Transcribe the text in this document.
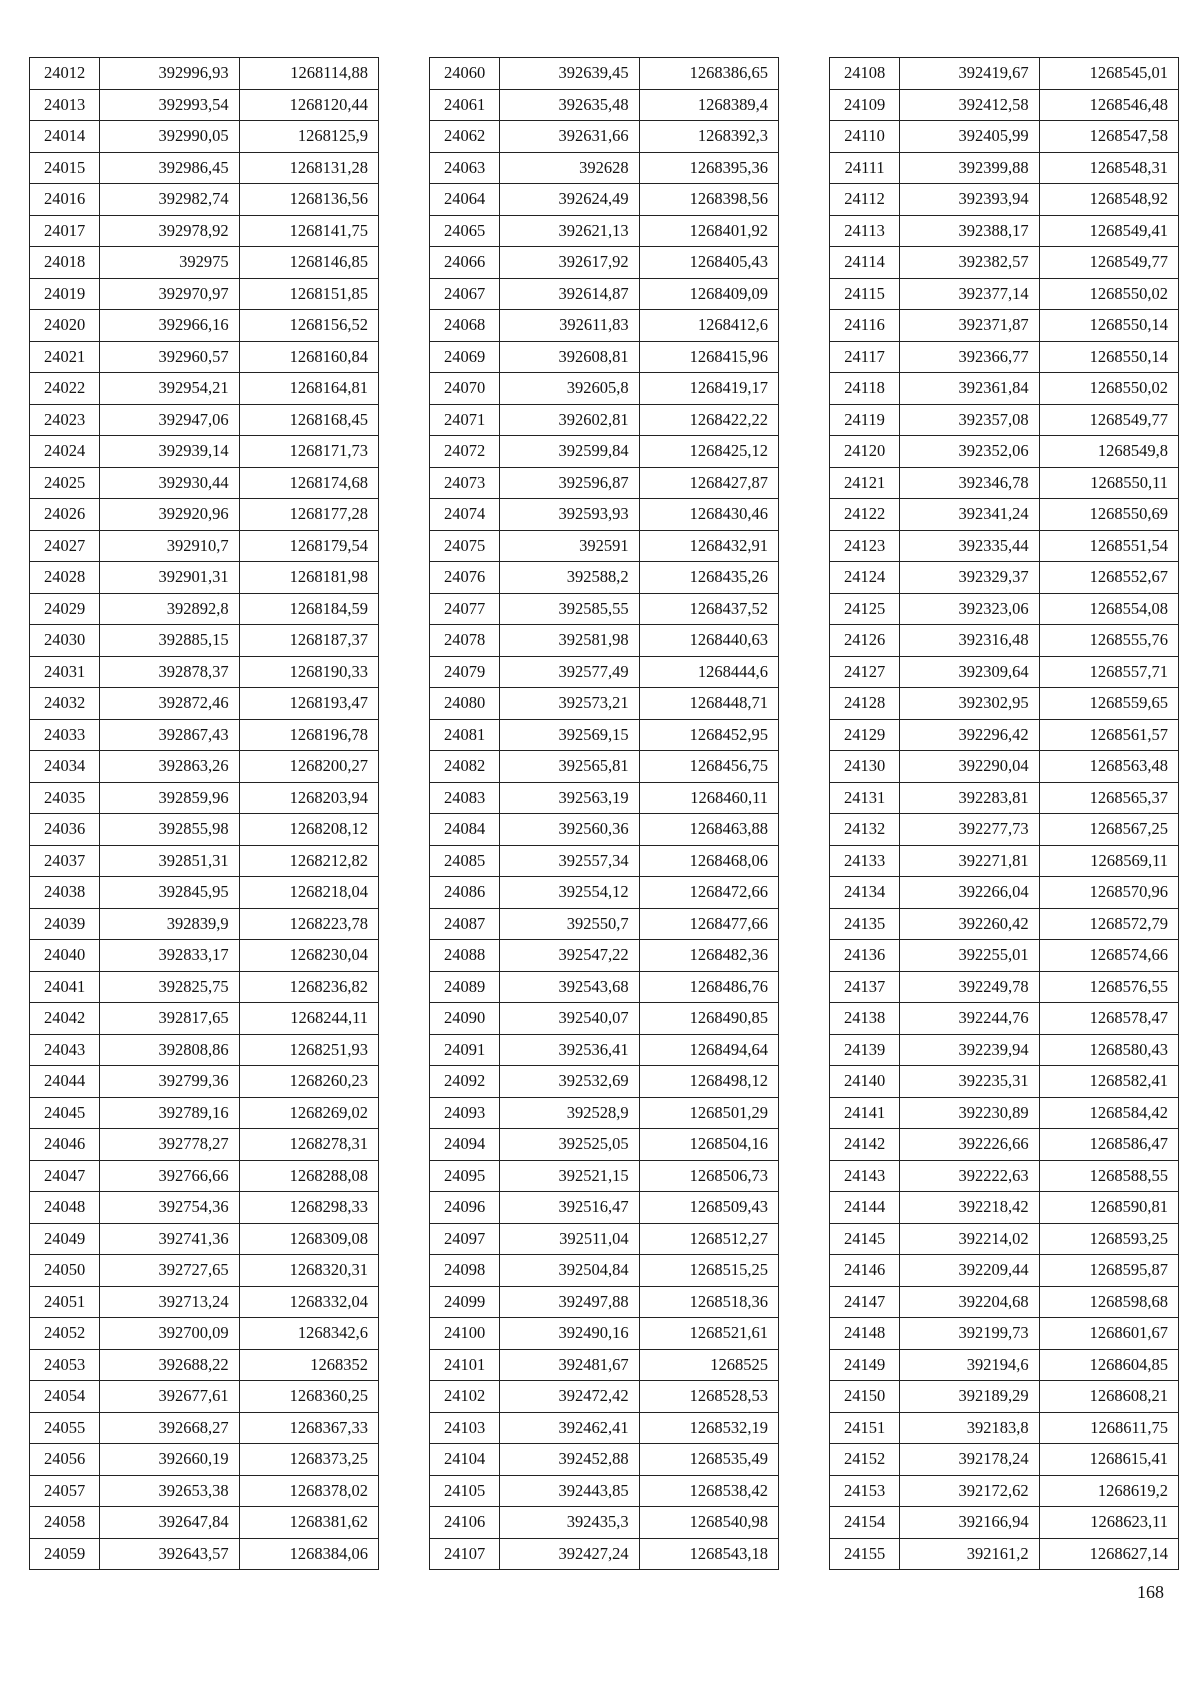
24012	392996,93	1268114,88
24013	392993,54	1268120,44
24014	392990,05	1268125,9
24015	392986,45	1268131,28
24016	392982,74	1268136,56
24017	392978,92	1268141,75
24018	392975	1268146,85
24019	392970,97	1268151,85
24020	392966,16	1268156,52
24021	392960,57	1268160,84
24022	392954,21	1268164,81
24023	392947,06	1268168,45
24024	392939,14	1268171,73
24025	392930,44	1268174,68
24026	392920,96	1268177,28
24027	392910,7	1268179,54
24028	392901,31	1268181,98
24029	392892,8	1268184,59
24030	392885,15	1268187,37
24031	392878,37	1268190,33
24032	392872,46	1268193,47
24033	392867,43	1268196,78
24034	392863,26	1268200,27
24035	392859,96	1268203,94
24036	392855,98	1268208,12
24037	392851,31	1268212,82
24038	392845,95	1268218,04
24039	392839,9	1268223,78
24040	392833,17	1268230,04
24041	392825,75	1268236,82
24042	392817,65	1268244,11
24043	392808,86	1268251,93
24044	392799,36	1268260,23
24045	392789,16	1268269,02
24046	392778,27	1268278,31
24047	392766,66	1268288,08
24048	392754,36	1268298,33
24049	392741,36	1268309,08
24050	392727,65	1268320,31
24051	392713,24	1268332,04
24052	392700,09	1268342,6
24053	392688,22	1268352
24054	392677,61	1268360,25
24055	392668,27	1268367,33
24056	392660,19	1268373,25
24057	392653,38	1268378,02
24058	392647,84	1268381,62
24059	392643,57	1268384,06
24060	392639,45	1268386,65
24061	392635,48	1268389,4
24062	392631,66	1268392,3
24063	392628	1268395,36
24064	392624,49	1268398,56
24065	392621,13	1268401,92
24066	392617,92	1268405,43
24067	392614,87	1268409,09
24068	392611,83	1268412,6
24069	392608,81	1268415,96
24070	392605,8	1268419,17
24071	392602,81	1268422,22
24072	392599,84	1268425,12
24073	392596,87	1268427,87
24074	392593,93	1268430,46
24075	392591	1268432,91
24076	392588,2	1268435,26
24077	392585,55	1268437,52
24078	392581,98	1268440,63
24079	392577,49	1268444,6
24080	392573,21	1268448,71
24081	392569,15	1268452,95
24082	392565,81	1268456,75
24083	392563,19	1268460,11
24084	392560,36	1268463,88
24085	392557,34	1268468,06
24086	392554,12	1268472,66
24087	392550,7	1268477,66
24088	392547,22	1268482,36
24089	392543,68	1268486,76
24090	392540,07	1268490,85
24091	392536,41	1268494,64
24092	392532,69	1268498,12
24093	392528,9	1268501,29
24094	392525,05	1268504,16
24095	392521,15	1268506,73
24096	392516,47	1268509,43
24097	392511,04	1268512,27
24098	392504,84	1268515,25
24099	392497,88	1268518,36
24100	392490,16	1268521,61
24101	392481,67	1268525
24102	392472,42	1268528,53
24103	392462,41	1268532,19
24104	392452,88	1268535,49
24105	392443,85	1268538,42
24106	392435,3	1268540,98
24107	392427,24	1268543,18
24108	392419,67	1268545,01
24109	392412,58	1268546,48
24110	392405,99	1268547,58
24111	392399,88	1268548,31
24112	392393,94	1268548,92
24113	392388,17	1268549,41
24114	392382,57	1268549,77
24115	392377,14	1268550,02
24116	392371,87	1268550,14
24117	392366,77	1268550,14
24118	392361,84	1268550,02
24119	392357,08	1268549,77
24120	392352,06	1268549,8
24121	392346,78	1268550,11
24122	392341,24	1268550,69
24123	392335,44	1268551,54
24124	392329,37	1268552,67
24125	392323,06	1268554,08
24126	392316,48	1268555,76
24127	392309,64	1268557,71
24128	392302,95	1268559,65
24129	392296,42	1268561,57
24130	392290,04	1268563,48
24131	392283,81	1268565,37
24132	392277,73	1268567,25
24133	392271,81	1268569,11
24134	392266,04	1268570,96
24135	392260,42	1268572,79
24136	392255,01	1268574,66
24137	392249,78	1268576,55
24138	392244,76	1268578,47
24139	392239,94	1268580,43
24140	392235,31	1268582,41
24141	392230,89	1268584,42
24142	392226,66	1268586,47
24143	392222,63	1268588,55
24144	392218,42	1268590,81
24145	392214,02	1268593,25
24146	392209,44	1268595,87
24147	392204,68	1268598,68
24148	392199,73	1268601,67
24149	392194,6	1268604,85
24150	392189,29	1268608,21
24151	392183,8	1268611,75
24152	392178,24	1268615,41
24153	392172,62	1268619,2
24154	392166,94	1268623,11
24155	392161,2	1268627,14
168
